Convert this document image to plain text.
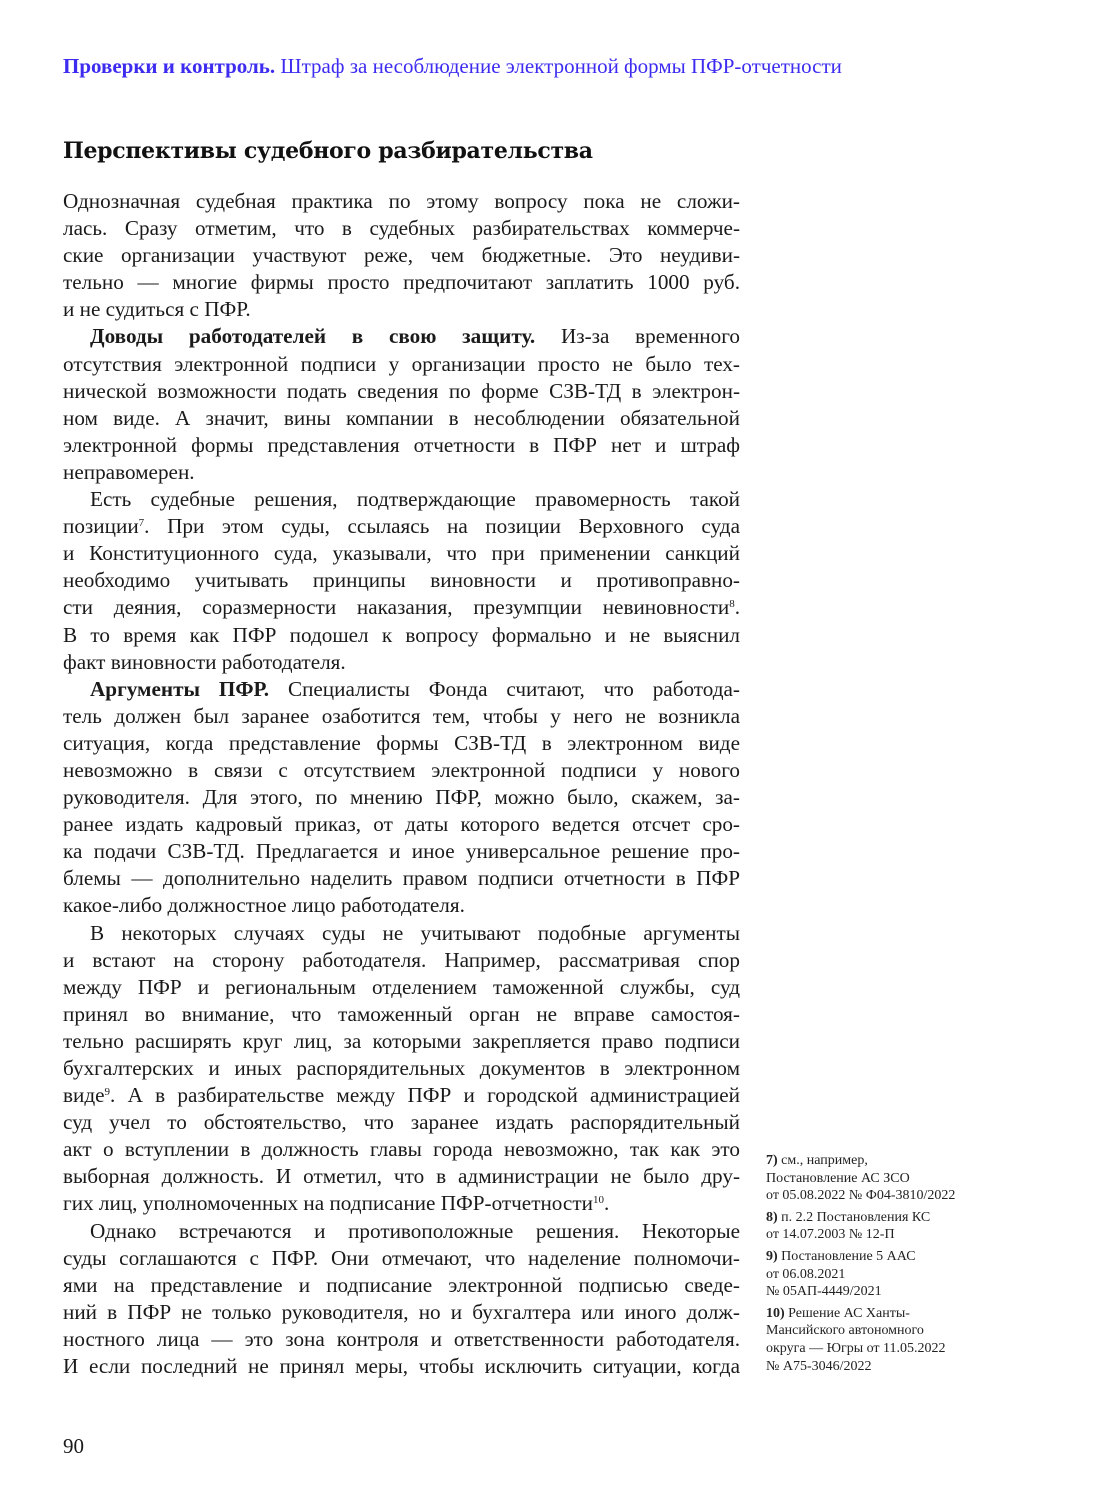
Проверки и контроль. Штраф за несоблюдение электронной формы ПФР-отчетности
Перспективы судебного разбирательства
Однозначная судебная практика по этому вопросу пока не сложи-
лась. Сразу отметим, что в судебных разбирательствах коммерче-
ские организации участвуют реже, чем бюджетные. Это неудиви-
тельно — многие фирмы просто предпочитают заплатить 1000 руб.
и не судиться с ПФР.
Доводы работодателей в свою защиту. Из-за временного
отсутствия электронной подписи у организации просто не было тех-
нической возможности подать сведения по форме СЗВ-ТД в электрон-
ном виде. А значит, вины компании в несоблюдении обязательной
электронной формы представления отчетности в ПФР нет и штраф
неправомерен.
Есть судебные решения, подтверждающие правомерность такой
позиции$^7$. При этом суды, ссылаясь на позиции Верховного суда
и Конституционного суда, указывали, что при применении санкций
необходимо учитывать принципы виновности и противоправно-
сти деяния, соразмерности наказания, презумпции невиновности$^8$.
В то время как ПФР подошел к вопросу формально и не выяснил
факт виновности работодателя.
Аргументы ПФР. Специалисты Фонда считают, что работода-
тель должен был заранее озаботится тем, чтобы у него не возникла
ситуация, когда представление формы СЗВ-ТД в электронном виде
невозможно в связи с отсутствием электронной подписи у нового
руководителя. Для этого, по мнению ПФР, можно было, скажем, за-
ранее издать кадровый приказ, от даты которого ведется отсчет сро-
ка подачи СЗВ-ТД. Предлагается и иное универсальное решение про-
блемы — дополнительно наделить правом подписи отчетности в ПФР
какое-либо должностное лицо работодателя.
В некоторых случаях суды не учитывают подобные аргументы
и встают на сторону работодателя. Например, рассматривая спор
между ПФР и региональным отделением таможенной службы, суд
принял во внимание, что таможенный орган не вправе самостоя-
тельно расширять круг лиц, за которыми закрепляется право подписи
бухгалтерских и иных распорядительных документов в электронном
виде$^9$. А в разбирательстве между ПФР и городской администрацией
суд учел то обстоятельство, что заранее издать распорядительный
акт о вступлении в должность главы города невозможно, так как это
выборная должность. И отметил, что в администрации не было дру-
гих лиц, уполномоченных на подписание ПФР-отчетности$^{10}$.
Однако встречаются и противоположные решения. Некоторые
суды соглашаются с ПФР. Они отмечают, что наделение полномочи-
ями на представление и подписание электронной подписью сведе-
ний в ПФР не только руководителя, но и бухгалтера или иного долж-
ностного лица — это зона контроля и ответственности работодателя.
И если последний не принял меры, чтобы исключить ситуации, когда
7) см., например,
Постановление АС ЗСО
от 05.08.2022 № Ф04-3810/2022
8) п. 2.2 Постановления КС
от 14.07.2003 № 12-П
9) Постановление 5 ААС
от 06.08.2021
№ 05АП-4449/2021
10) Решение АС Ханты-
Мансийского автономного
округа — Югры от 11.05.2022
№ А75-3046/2022
90
